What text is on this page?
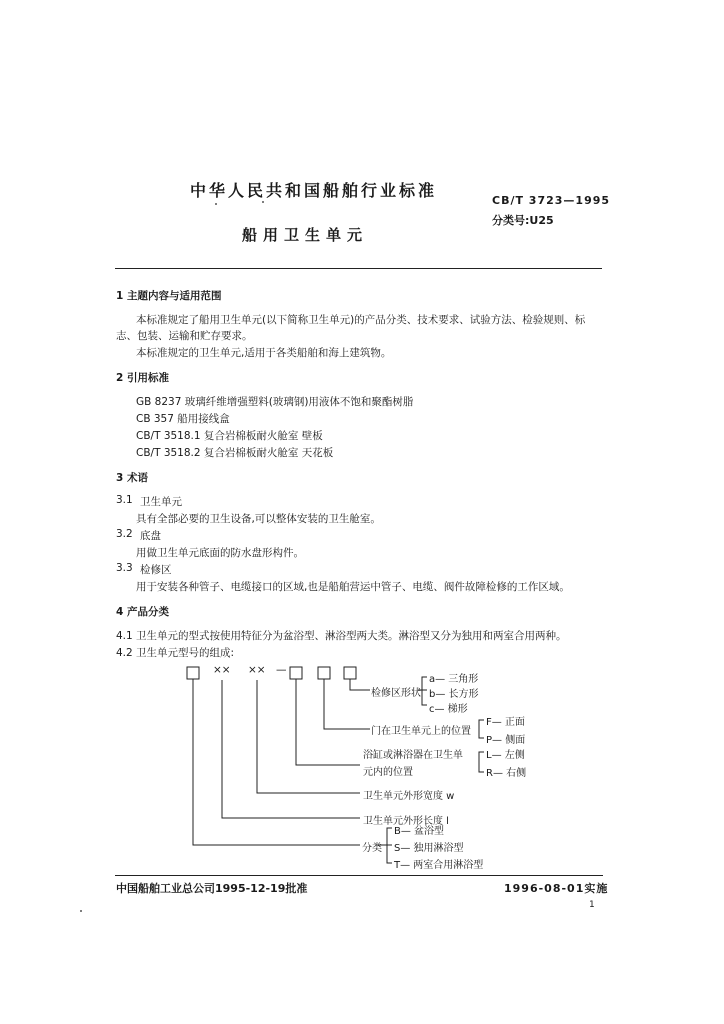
中华人民共和国船舶行业标准
CB/T 3723—1995
分类号:U25
船用卫生单元
1 主题内容与适用范围
本标准规定了船用卫生单元(以下简称卫生单元)的产品分类、技术要求、试验方法、检验规则、标
志、包装、运输和贮存要求。
本标准规定的卫生单元,适用于各类船舶和海上建筑物。
2 引用标准
GB 8237 玻璃纤维增强塑料(玻璃钢)用液体不饱和聚酯树脂
CB 357 船用接线盒
CB/T 3518.1 复合岩棉板耐火舱室 壁板
CB/T 3518.2 复合岩棉板耐火舱室 天花板
3 术语
3.1 卫生单元
具有全部必要的卫生设备,可以整体安装的卫生舱室。
3.2 底盘
用做卫生单元底面的防水盘形构件。
3.3 检修区
用于安装各种管子、电缆接口的区域,也是船舶营运中管子、电缆、阀件故障检修的工作区域。
4 产品分类
4.1 卫生单元的型式按使用特征分为盆浴型、淋浴型两大类。淋浴型又分为独用和两室合用两种。
4.2 卫生单元型号的组成:
×× ×× —
检修区形状
a— 三角形
b— 长方形
c— 梯形
门在卫生单元上的位置
F— 正面
P— 侧面
浴缸或淋浴器在卫生单
元内的位置
L— 左侧
R— 右侧
卫生单元外形宽度 w
卫生单元外形长度 l
分类
B— 盆浴型
S— 独用淋浴型
T— 两室合用淋浴型
中国船舶工业总公司1995-12-19批准	1996-08-01实施
1
